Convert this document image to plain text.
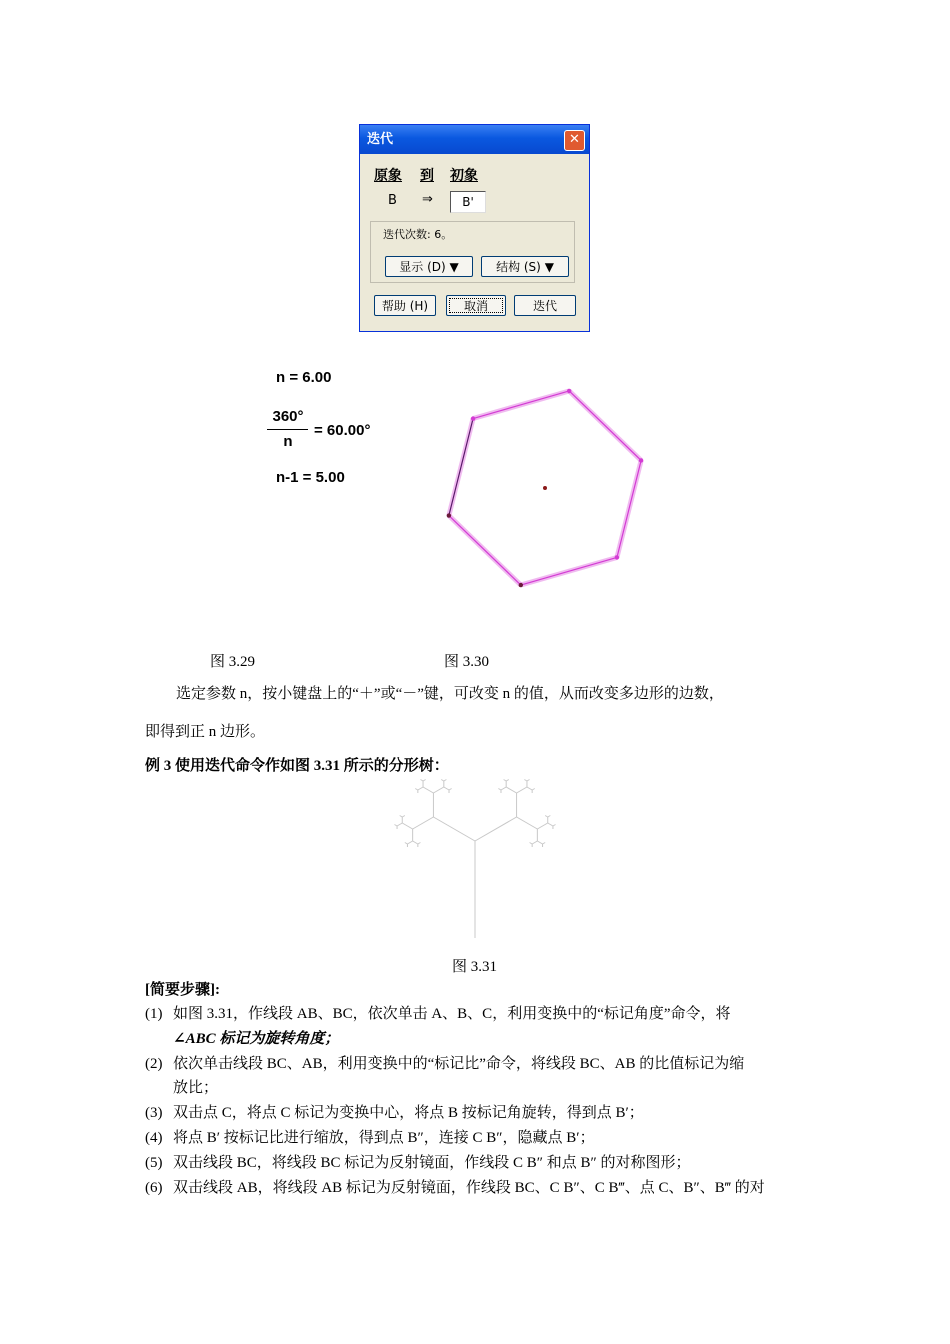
迭代	✕
原象 到 初象
B ⇒	B'
迭代次数: 6。
显示 (D) ▼	结构 (S) ▼
帮助 (H)	取消	迭代
n = 6.00
360°
n
= 60.00°
n-1 = 5.00
图 3.29	图 3.30
选定参数 n，按小键盘上的“＋”或“－”键，可改变 n 的值，从而改变多边形的边数，
即得到正 n 边形。
例 3 使用迭代命令作如图 3.31 所示的分形树：
图 3.31
[简要步骤]:
(1) 如图 3.31，作线段 AB、BC，依次单击 A、B、C，利用变换中的“标记角度”命令，将
∠ABC 标记为旋转角度；
(2) 依次单击线段 BC、AB，利用变换中的“标记比”命令，将线段 BC、AB 的比值标记为缩
放比；
(3) 双击点 C，将点 C 标记为变换中心，将点 B 按标记角旋转，得到点 B′；
(4) 将点 B′ 按标记比进行缩放，得到点 B″，连接 C B″，隐藏点 B′；
(5) 双击线段 BC，将线段 BC 标记为反射镜面，作线段 C B″ 和点 B″ 的对称图形；
(6) 双击线段 AB，将线段 AB 标记为反射镜面，作线段 BC、C B″、C B‴、点 C、B″、B‴ 的对
